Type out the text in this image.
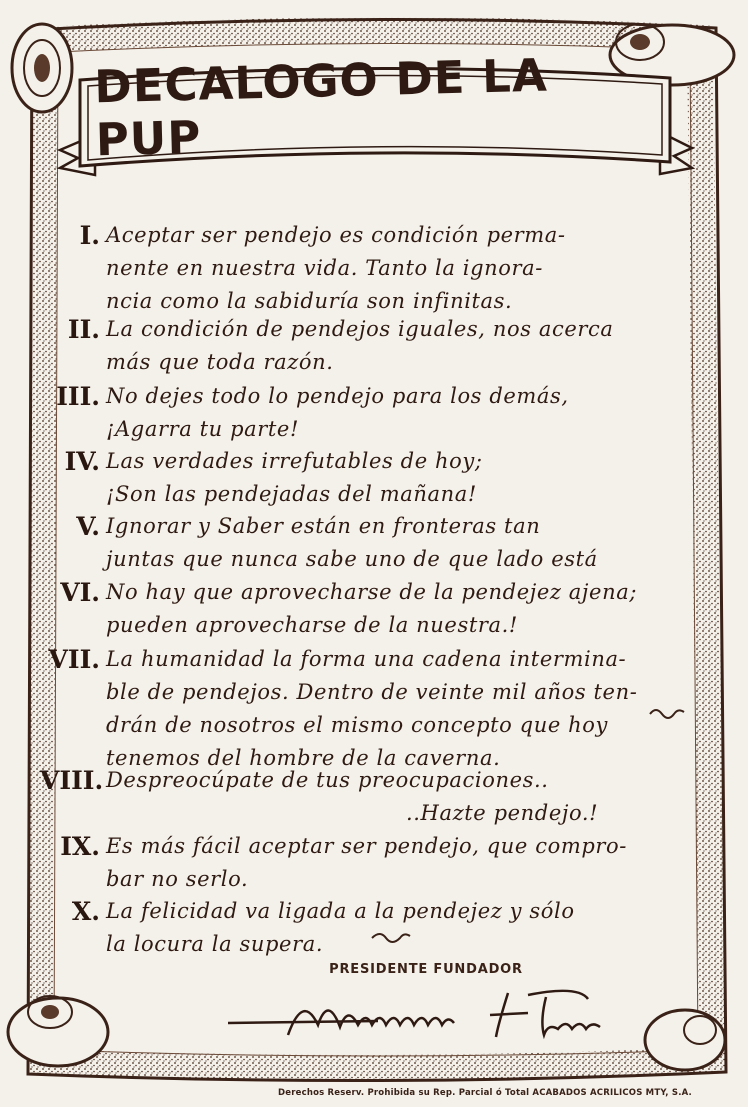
DECALOGO DE LA PUP
I. Aceptar ser pendejo es condición perma-
nente en nuestra vida. Tanto la ignora-
ncia como la sabiduría son infinitas.
II. La condición de pendejos iguales, nos acerca
más que toda razón.
III. No dejes todo lo pendejo para los demás,
¡Agarra tu parte!
IV. Las verdades irrefutables de hoy;
¡Son las pendejadas del mañana!
V. Ignorar y Saber están en fronteras tan
juntas que nunca sabe uno de que lado está
VI. No hay que aprovecharse de la pendejez ajena;
pueden aprovecharse de la nuestra.!
VII. La humanidad la forma una cadena intermina-
ble de pendejos. Dentro de veinte mil años ten-
drán de nosotros el mismo concepto que hoy
tenemos del hombre de la caverna.
VIII. Despreocúpate de tus preocupaciones..
..Hazte pendejo.!
IX. Es más fácil aceptar ser pendejo, que compro-
bar no serlo.
X. La felicidad va ligada a la pendejez y sólo
la locura la supera.
PRESIDENTE FUNDADOR
Derechos Reserv. Prohibida su Rep. Parcial ó Total ACABADOS ACRILICOS MTY, S.A.
